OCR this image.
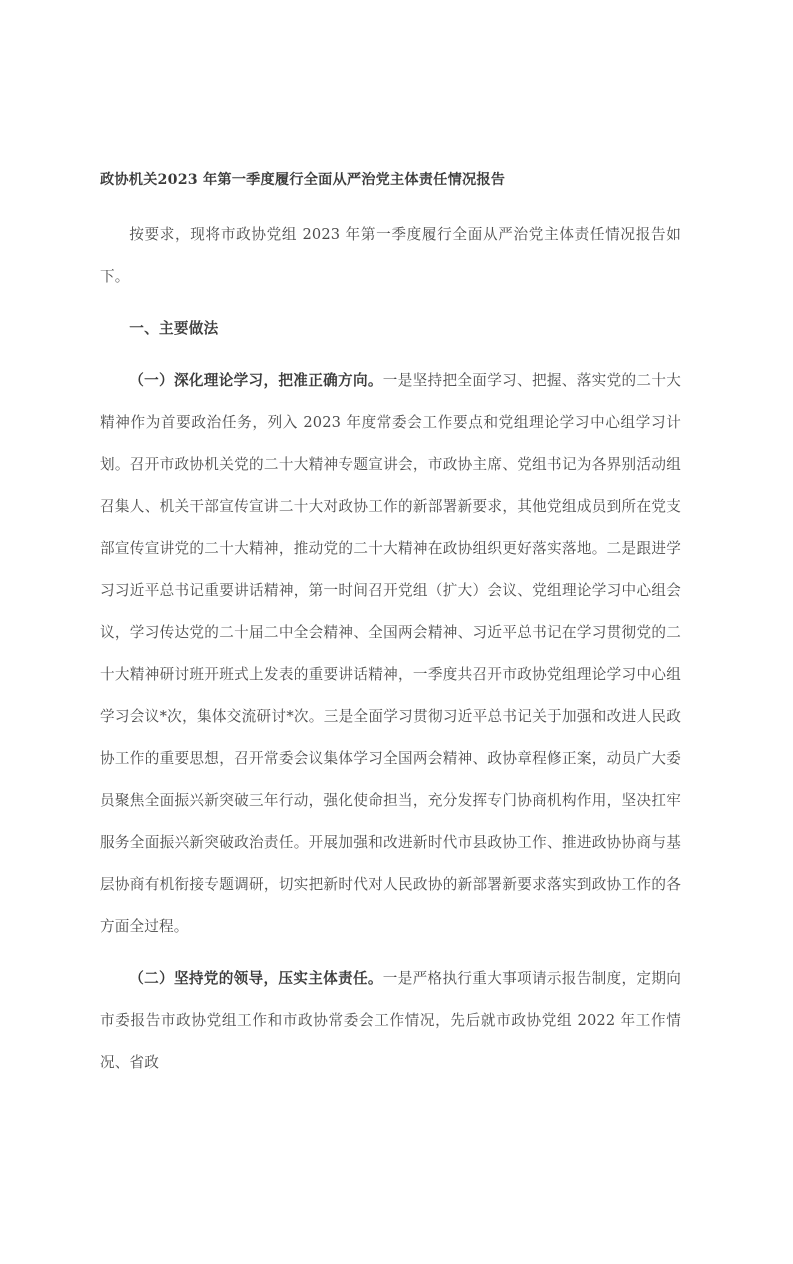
政协机关2023 年第一季度履行全面从严治党主体责任情况报告

按要求，现将市政协党组 2023 年第一季度履行全面从严治党主体责任情况报告如下。

一、主要做法

（一）深化理论学习，把准正确方向。一是坚持把全面学习、把握、落实党的二十大精神作为首要政治任务，列入 2023 年度常委会工作要点和党组理论学习中心组学习计划。召开市政协机关党的二十大精神专题宣讲会，市政协主席、党组书记为各界别活动组召集人、机关干部宣传宣讲二十大对政协工作的新部署新要求，其他党组成员到所在党支部宣传宣讲党的二十大精神，推动党的二十大精神在政协组织更好落实落地。二是跟进学习习近平总书记重要讲话精神，第一时间召开党组（扩大）会议、党组理论学习中心组会议，学习传达党的二十届二中全会精神、全国两会精神、习近平总书记在学习贯彻党的二十大精神研讨班开班式上发表的重要讲话精神，一季度共召开市政协党组理论学习中心组学习会议*次，集体交流研讨*次。三是全面学习贯彻习近平总书记关于加强和改进人民政协工作的重要思想，召开常委会议集体学习全国两会精神、政协章程修正案，动员广大委员聚焦全面振兴新突破三年行动，强化使命担当，充分发挥专门协商机构作用，坚决扛牢服务全面振兴新突破政治责任。开展加强和改进新时代市县政协工作、推进政协协商与基层协商有机衔接专题调研，切实把新时代对人民政协的新部署新要求落实到政协工作的各方面全过程。

（二）坚持党的领导，压实主体责任。一是严格执行重大事项请示报告制度，定期向市委报告市政协党组工作和市政协常委会工作情况，先后就市政协党组 2022 年工作情况、省政
